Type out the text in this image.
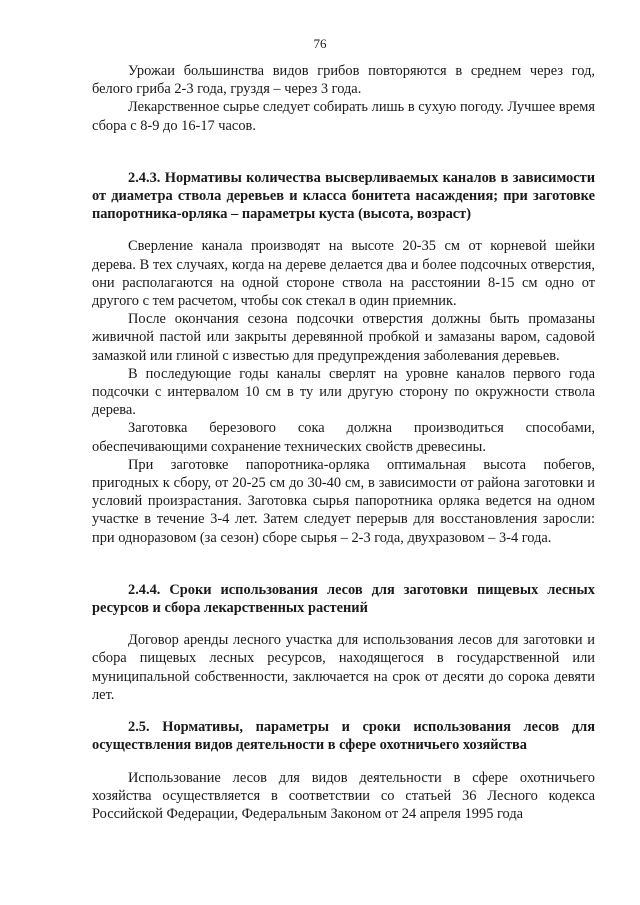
76

Урожаи большинства видов грибов повторяются в среднем через год, белого гриба 2-3 года, груздя – через 3 года.

Лекарственное сырье следует собирать лишь в сухую погоду. Лучшее время сбора с 8-9 до 16-17 часов.

2.4.3. Нормативы количества высверливаемых каналов в зависимости от диаметра ствола деревьев и класса бонитета насаждения; при заготовке папоротника-орляка – параметры куста (высота, возраст)

Сверление канала производят на высоте 20-35 см от корневой шейки дерева. В тех случаях, когда на дереве делается два и более подсочных отверстия, они располагаются на одной стороне ствола на расстоянии 8-15 см одно от другого с тем расчетом, чтобы сок стекал в один приемник.

После окончания сезона подсочки отверстия должны быть промазаны живичной пастой или закрыты деревянной пробкой и замазаны варом, садовой замазкой или глиной с известью для предупреждения заболевания деревьев.

В последующие годы каналы сверлят на уровне каналов первого года подсочки с интервалом 10 см в ту или другую сторону по окружности ствола дерева.

Заготовка березового сока должна производиться способами, обеспечивающими сохранение технических свойств древесины.

При заготовке папоротника-орляка оптимальная высота побегов, пригодных к сбору, от 20-25 см до 30-40 см, в зависимости от района заготовки и условий произрастания. Заготовка сырья папоротника орляка ведется на одном участке в течение 3-4 лет. Затем следует перерыв для восстановления заросли: при одноразовом (за сезон) сборе сырья – 2-3 года, двухразовом – 3-4 года.

2.4.4. Сроки использования лесов для заготовки пищевых лесных ресурсов и сбора лекарственных растений

Договор аренды лесного участка для использования лесов для заготовки и сбора пищевых лесных ресурсов, находящегося в государственной или муниципальной собственности, заключается на срок от десяти до сорока девяти лет.

2.5. Нормативы, параметры и сроки использования лесов для осуществления видов деятельности в сфере охотничьего хозяйства

Использование лесов для видов деятельности в сфере охотничьего хозяйства осуществляется в соответствии со статьей 36 Лесного кодекса Российской Федерации, Федеральным Законом от 24 апреля 1995 года
